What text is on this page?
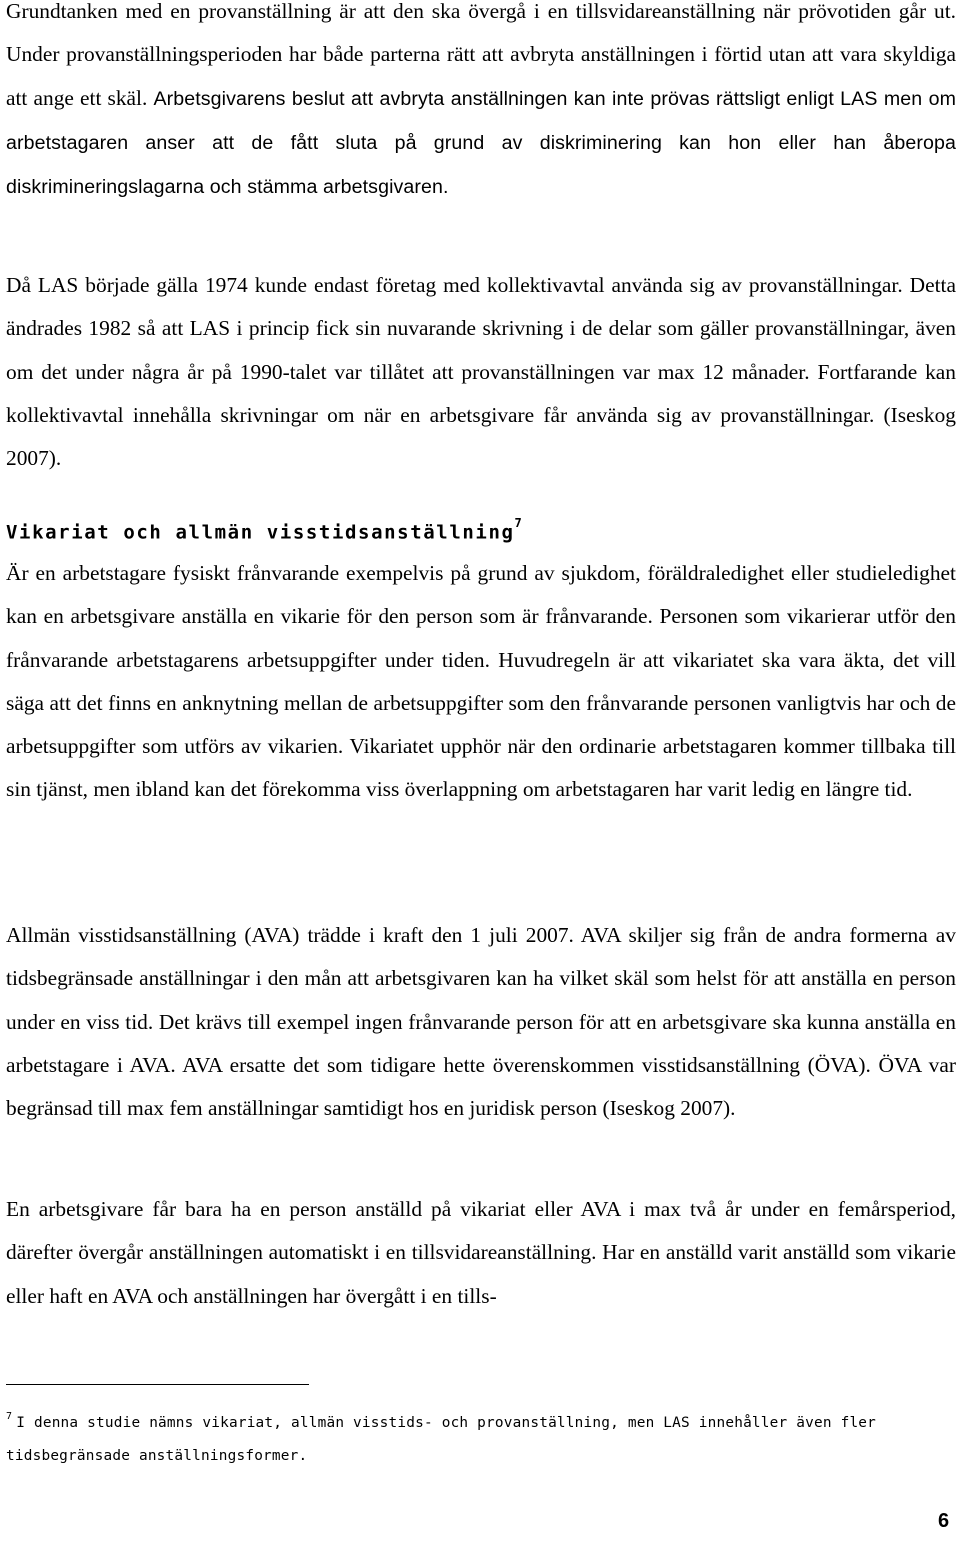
Grundtanken med en provanställning är att den ska övergå i en tillsvidareanställning när prövotiden går ut. Under provanställningsperioden har både parterna rätt att avbryta anställningen i förtid utan att vara skyldiga att ange ett skäl. Arbetsgivarens beslut att avbryta anställningen kan inte prövas rättsligt enligt LAS men om arbetstagaren anser att de fått sluta på grund av diskriminering kan hon eller han åberopa diskrimineringslagarna och stämma arbetsgivaren.

Då LAS började gälla 1974 kunde endast företag med kollektivavtal använda sig av provanställningar. Detta ändrades 1982 så att LAS i princip fick sin nuvarande skrivning i de delar som gäller provanställningar, även om det under några år på 1990-talet var tillåtet att provanställningen var max 12 månader. Fortfarande kan kollektivavtal innehålla skrivningar om när en arbetsgivare får använda sig av provanställningar. (Iseskog 2007).

Vikariat och allmän visstidsanställning$^7$

Är en arbetstagare fysiskt frånvarande exempelvis på grund av sjukdom, föräldraledighet eller studieledighet kan en arbetsgivare anställa en vikarie för den person som är frånvarande. Personen som vikarierar utför den frånvarande arbetstagarens arbetsuppgifter under tiden. Huvudregeln är att vikariatet ska vara äkta, det vill säga att det finns en anknytning mellan de arbetsuppgifter som den frånvarande personen vanligtvis har och de arbetsuppgifter som utförs av vikarien. Vikariatet upphör när den ordinarie arbetstagaren kommer tillbaka till sin tjänst, men ibland kan det förekomma viss överlappning om arbetstagaren har varit ledig en längre tid.

Allmän visstidsanställning (AVA) trädde i kraft den 1 juli 2007. AVA skiljer sig från de andra formerna av tidsbegränsade anställningar i den mån att arbetsgivaren kan ha vilket skäl som helst för att anställa en person under en viss tid. Det krävs till exempel ingen frånvarande person för att en arbetsgivare ska kunna anställa en arbetstagare i AVA. AVA ersatte det som tidigare hette överenskommen visstidsanställning (ÖVA). ÖVA var begränsad till max fem anställningar samtidigt hos en juridisk person (Iseskog 2007).

En arbetsgivare får bara ha en person anställd på vikariat eller AVA i max två år under en femårsperiod, därefter övergår anställningen automatiskt i en tillsvidareanställning. Har en anställd varit anställd som vikarie eller haft en AVA och anställningen har övergått i en tills-

$^7$ I denna studie nämns vikariat, allmän visstids- och provanställning, men LAS innehåller även fler tidsbegränsade anställningsformer.

6
